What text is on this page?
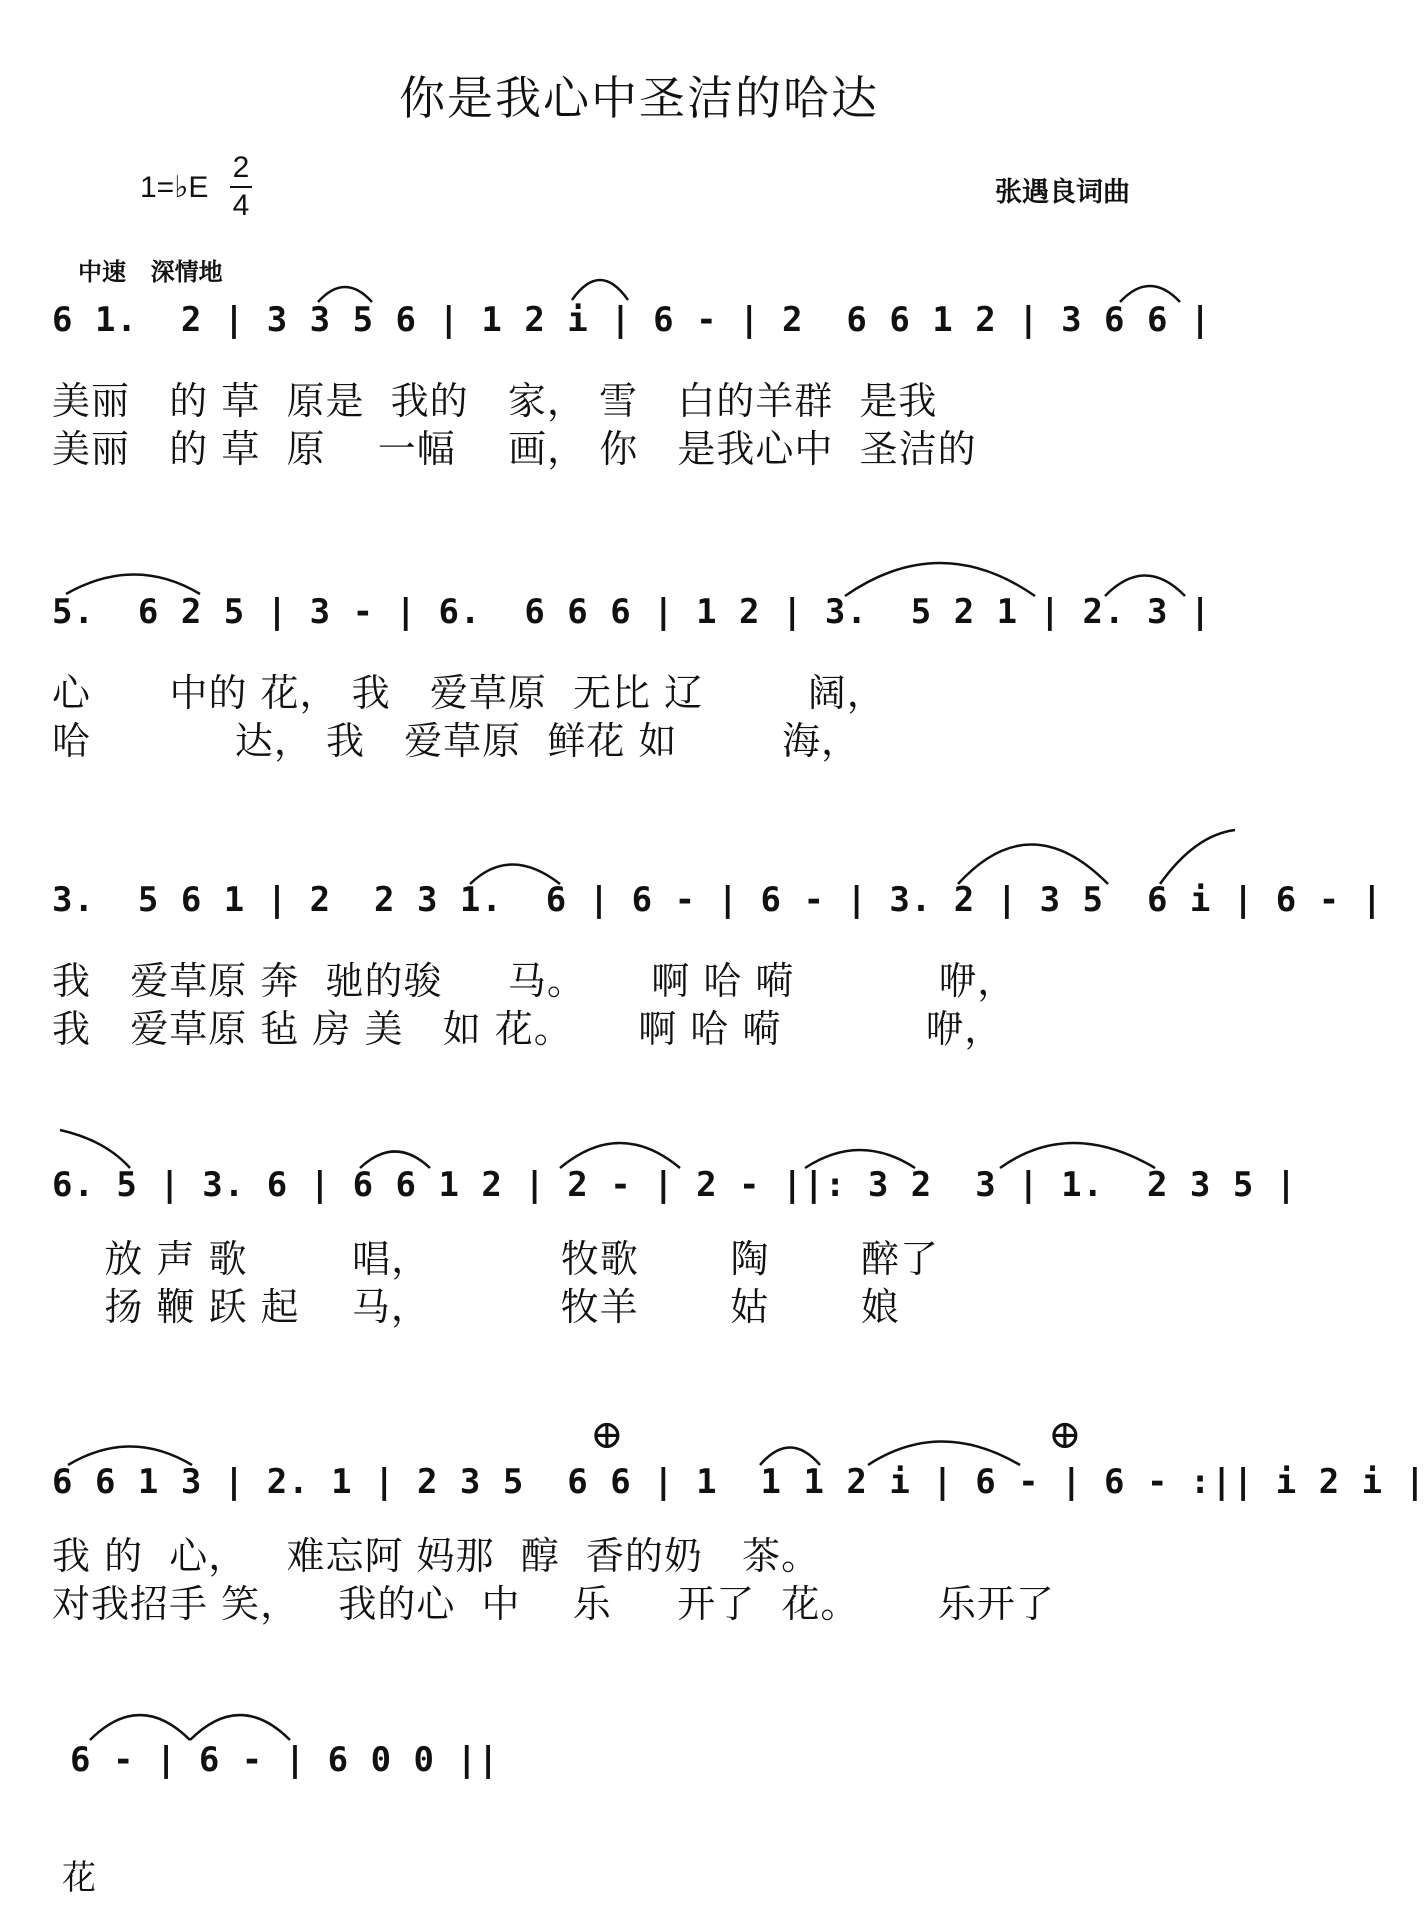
你是我心中圣洁的哈达
1=♭E
2
4	张遇良词曲
中速 深情地
6 1.  2 | 3 3 5 6 | 1 2 i | 6 - | 2  6 6 1 2 | 3 6 6 |
美丽   的 草  原是  我的   家， 雪   白的羊群  是我
美丽   的 草  原    一幅    画， 你   是我心中  圣洁的
5.  6 2 5 | 3 - | 6.  6 6 6 | 1 2 | 3.  5 2 1 | 2. 3 |
心      中的 花， 我   爱草原  无比 辽        阔，
哈           达， 我   爱草原  鲜花 如        海，
3.  5 6 1 | 2  2 3 1.  6 | 6 - | 6 - | 3. 2 | 3 5  6 i | 6 - |
我   爱草原 奔  驰的骏     马。     啊 哈 嗬           咿，
我   爱草原 毡 房 美   如 花。     啊 哈 嗬           咿，
6. 5 | 3. 6 | 6 6 1 2 | 2 - | 2 - ||: 3 2  3 | 1.  2 3 5 |
放 声 歌        唱，          牧歌       陶       醉了
扬 鞭 跃 起    马，          牧羊       姑       娘
6 6 1 3 | 2. 1 | 2 3 5  6 6 | 1  1 1 2 i | 6 - | 6 - :|| i 2 i |
我 的  心，   难忘阿 妈那  醇  香的奶   茶。
对我招手 笑，   我的心  中    乐     开了  花。      乐开了
⊕	⊕
6 - | 6 - | 6 0 0 ||
花
